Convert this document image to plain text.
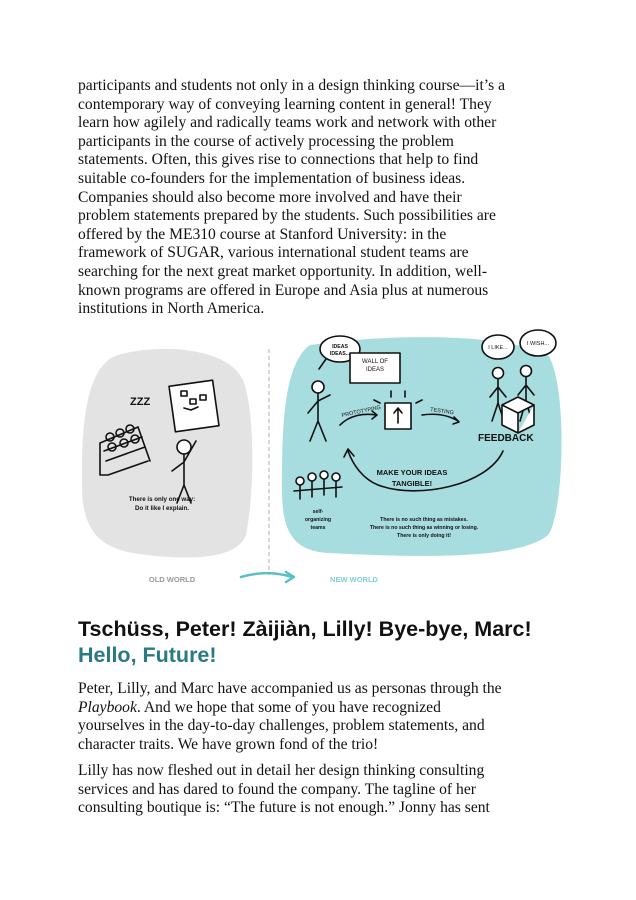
participants and students not only in a design thinking course—it’s a
contemporary way of conveying learning content in general! They
learn how agilely and radically teams work and network with other
participants in the course of actively processing the problem
statements. Often, this gives rise to connections that help to find
suitable co-founders for the implementation of business ideas.
Companies should also become more involved and have their
problem statements prepared by the students. Such possibilities are
offered by the ME310 course at Stanford University: in the
framework of SUGAR, various international student teams are
searching for the next great market opportunity. In addition, well-
known programs are offered in Europe and Asia plus at numerous
institutions in North America.
ZZZ
There is only one way:
Do it like I explain.
IDEAS
IDEAS...
WALL OF
IDEAS
PROTOTYPING	TESTING
FEEDBACK
I LIKE...
I WISH...
MAKE YOUR IDEAS
TANGIBLE!
self-
organizing
teams
There is no such thing as mistakes.
There is no such thing as winning or losing.
There is only doing it!
OLD WORLD	NEW WORLD
Tschüss, Peter! Zàijiàn, Lilly! Bye-bye, Marc!
Hello, Future!
Peter, Lilly, and Marc have accompanied us as personas through the
Playbook. And we hope that some of you have recognized
yourselves in the day-to-day challenges, problem statements, and
character traits. We have grown fond of the trio!
Lilly has now fleshed out in detail her design thinking consulting
services and has dared to found the company. The tagline of her
consulting boutique is: “The future is not enough.” Jonny has sent
